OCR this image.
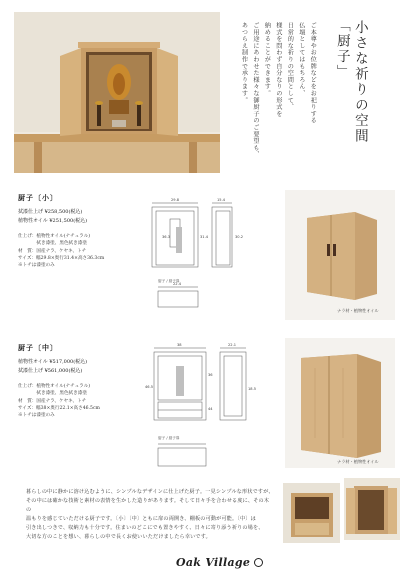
小さな祈りの空間
「厨子」
ご本尊やお位牌などをお祀りする
仏壇としてはもちろん、
日常的な祈りの空間として、
様式を問わず自分なりの形式を
納めることができます。
ご用途にあわせた様々な御厨子のご要望も、
あつらえ制作で承ります。
厨子〔小〕
拭漆仕上げ ¥258,500(税込)
植物性オイル ¥251,500(税込)
仕上げ：植物性オイル(ナチュラル)
　　　　拭き漆塗、黒色拭き漆塗
材　質：国産ナラ、ケヤキ、トチ
サイズ：幅29.8×奥行31.4×高さ36.3cm
※トチは漆塗のみ
29.8	15.4
36.3	31.4	30.2
22.4
厨子 / 厨子扉
ナラ材・植物性オイル
厨子〔中〕
植物性オイル ¥517,000(税込)
拭漆仕上げ ¥561,000(税込)
仕上げ：植物性オイル(ナチュラル)
　　　　拭き漆塗、黒色拭き漆塗
材　質：国産ナラ、ケヤキ、トチ
サイズ：幅38×奥行22.1×高さ46.5cm
※トチは漆塗のみ
38	22.1
46.5
36
18.5
44
厨子 / 厨子扉
ナラ材・植物性オイル
暮らしの中に静かに溶け込むように、シンプルなデザインに仕上げた厨子。一見シンプルな形状ですが、
その中には確かな技術と素材の表情を生かした造りがあります。そして日々手を合わせる度に、その木の
温もりを感じていただける厨子です。〔小〕〔中〕ともに扉の両開き、棚板の可動が可能。〔中〕は
引き出しつきで、収納力も十分です。住まいのどこにでも置きやすく、日々に寄り添う祈りの場を、
大切な方のことを想い、暮らしの中で長くお使いいただけましたら幸いです。
Oak Village
